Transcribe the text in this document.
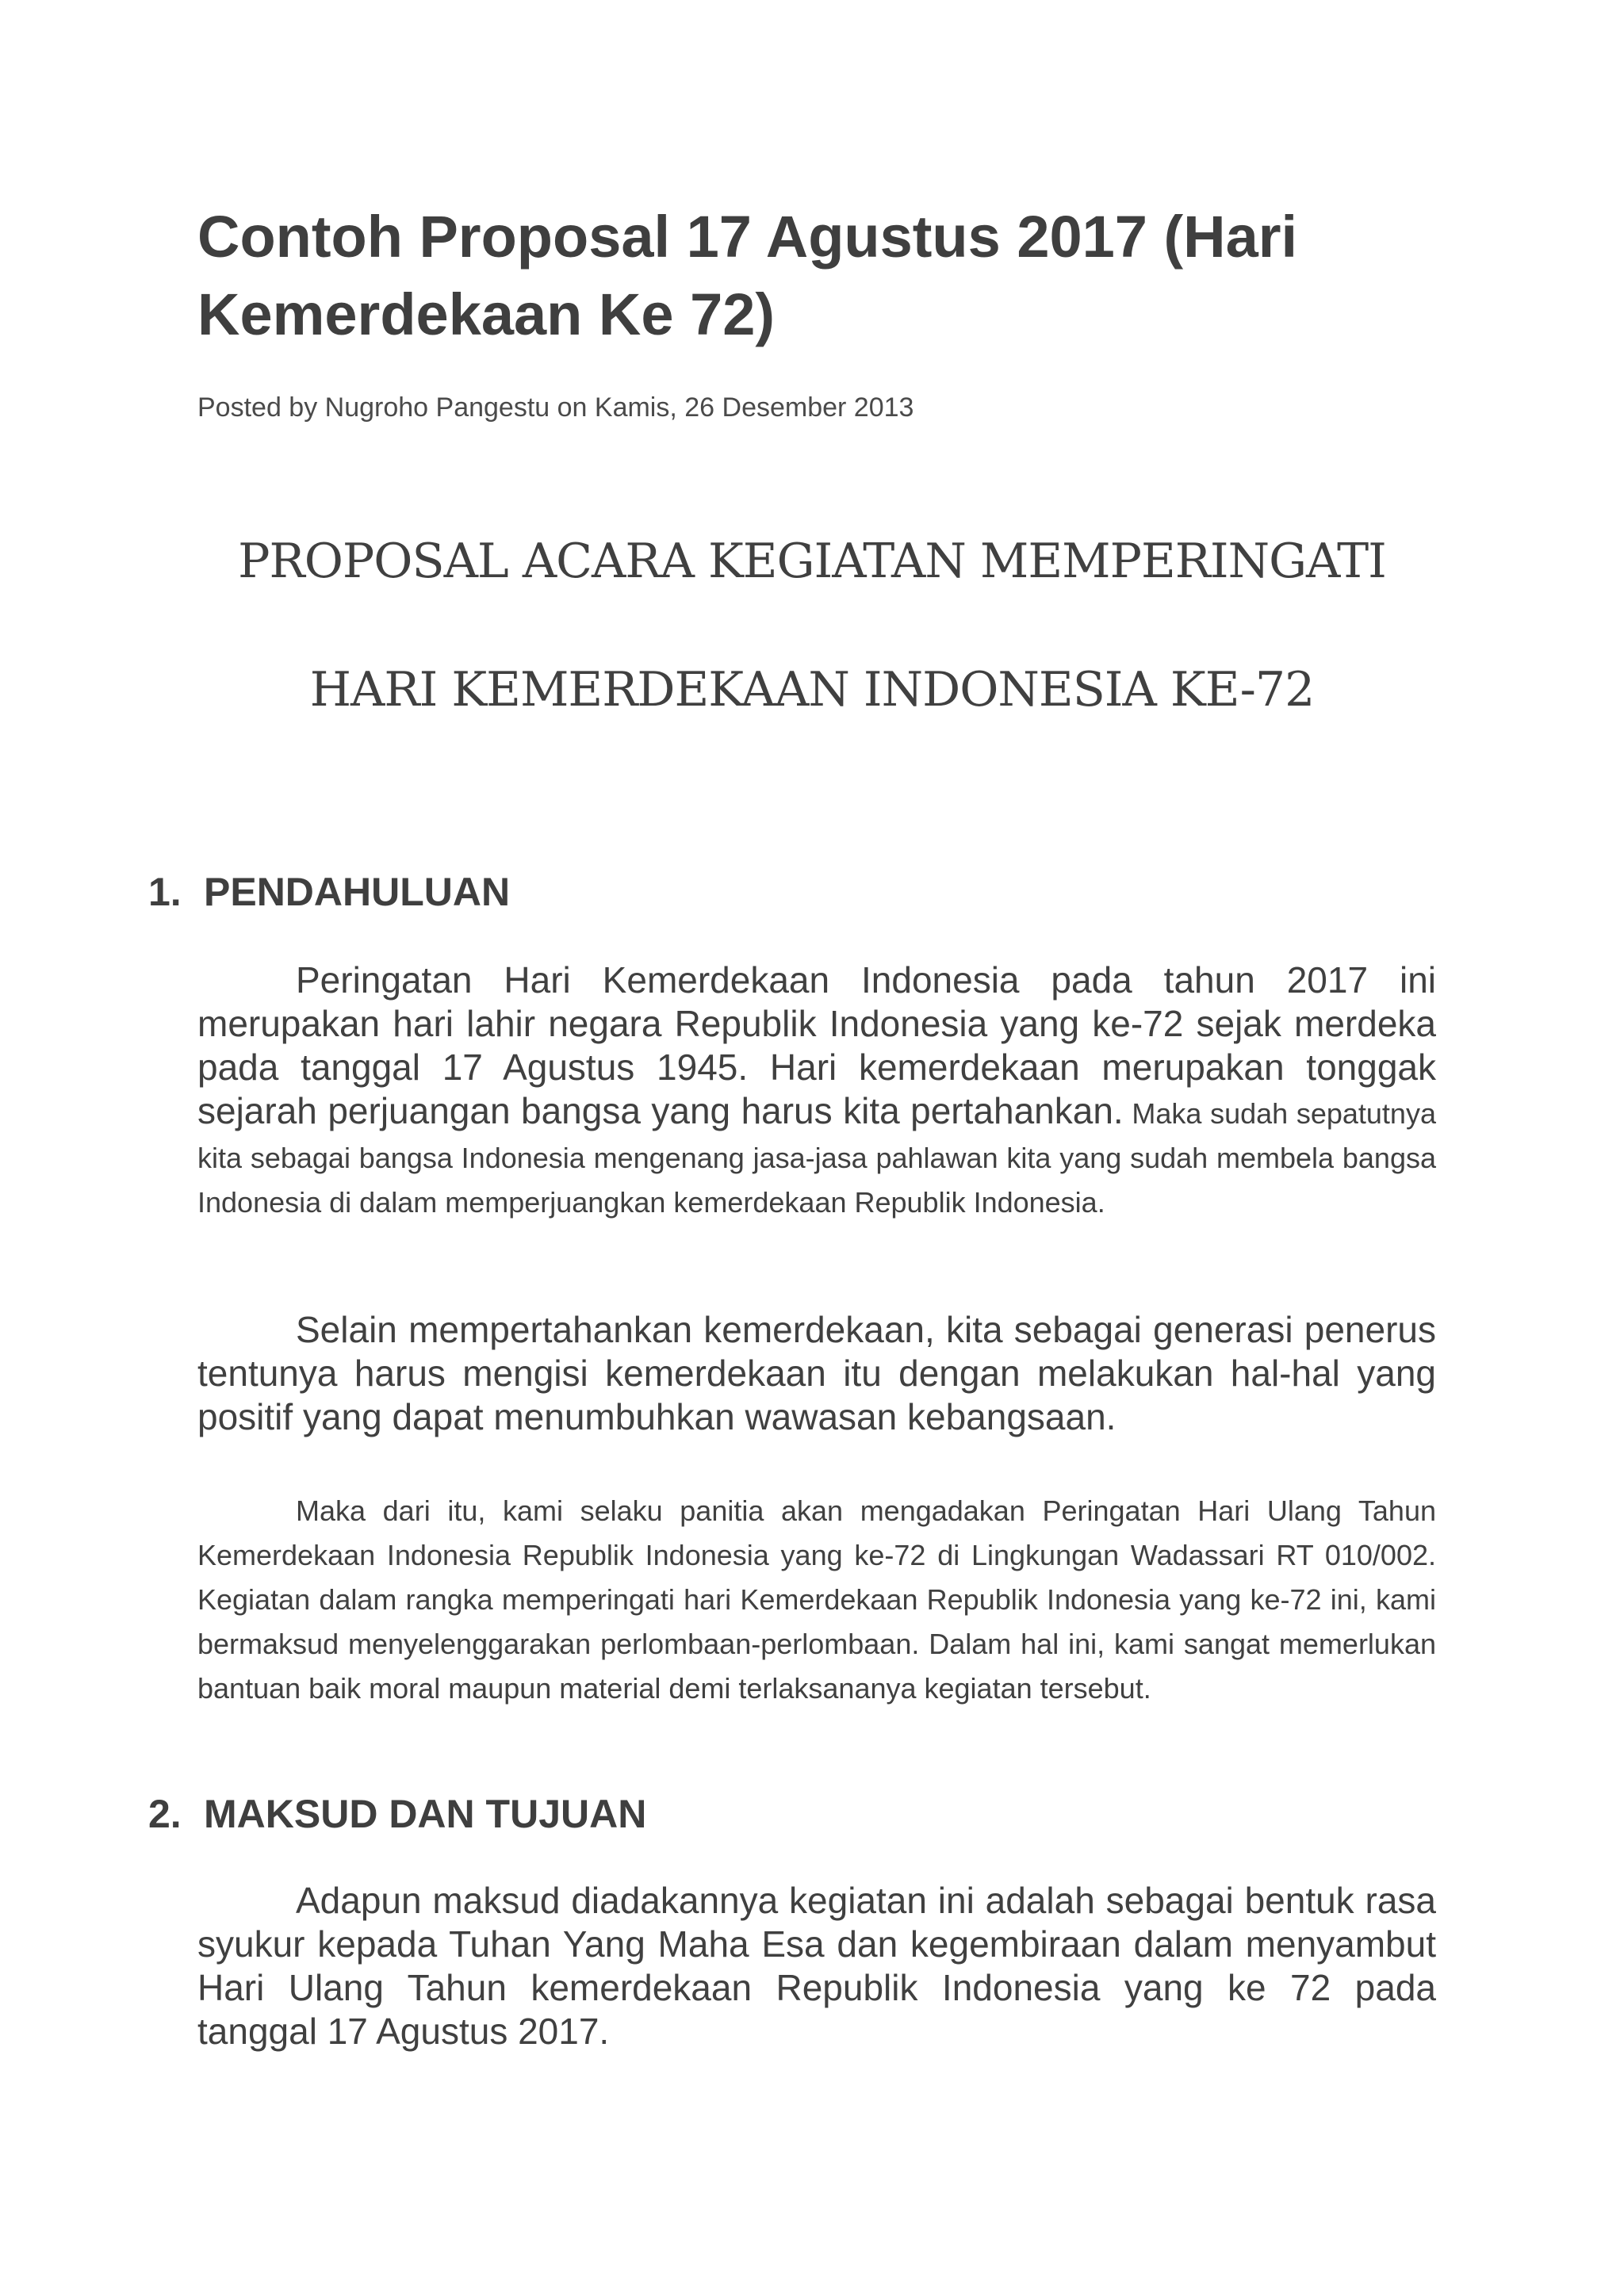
Contoh Proposal 17 Agustus 2017 (Hari Kemerdekaan Ke 72)

Posted by Nugroho Pangestu on Kamis, 26 Desember 2013

PROPOSAL ACARA KEGIATAN MEMPERINGATI

HARI KEMERDEKAAN INDONESIA KE-72

1. PENDAHULUAN

Peringatan Hari Kemerdekaan Indonesia pada tahun 2017 ini merupakan hari lahir negara Republik Indonesia yang ke-72 sejak merdeka pada tanggal 17 Agustus 1945. Hari kemerdekaan merupakan tonggak sejarah perjuangan bangsa yang harus kita pertahankan. Maka sudah sepatutnya kita sebagai bangsa Indonesia mengenang jasa-jasa pahlawan kita yang sudah membela bangsa Indonesia di dalam memperjuangkan kemerdekaan Republik Indonesia.

Selain mempertahankan kemerdekaan, kita sebagai generasi penerus tentunya harus mengisi kemerdekaan itu dengan melakukan hal-hal yang positif yang dapat menumbuhkan wawasan kebangsaan.

Maka dari itu, kami selaku panitia akan mengadakan Peringatan Hari Ulang Tahun Kemerdekaan Indonesia Republik Indonesia yang ke-72 di Lingkungan Wadassari RT 010/002. Kegiatan dalam rangka memperingati hari Kemerdekaan Republik Indonesia yang ke-72 ini, kami bermaksud menyelenggarakan perlombaan-perlombaan. Dalam hal ini, kami sangat memerlukan bantuan baik moral maupun material demi terlaksananya kegiatan tersebut.

2. MAKSUD DAN TUJUAN

Adapun maksud diadakannya kegiatan ini adalah sebagai bentuk rasa syukur kepada Tuhan Yang Maha Esa dan kegembiraan dalam menyambut Hari Ulang Tahun kemerdekaan Republik Indonesia yang ke 72 pada tanggal 17 Agustus 2017.
